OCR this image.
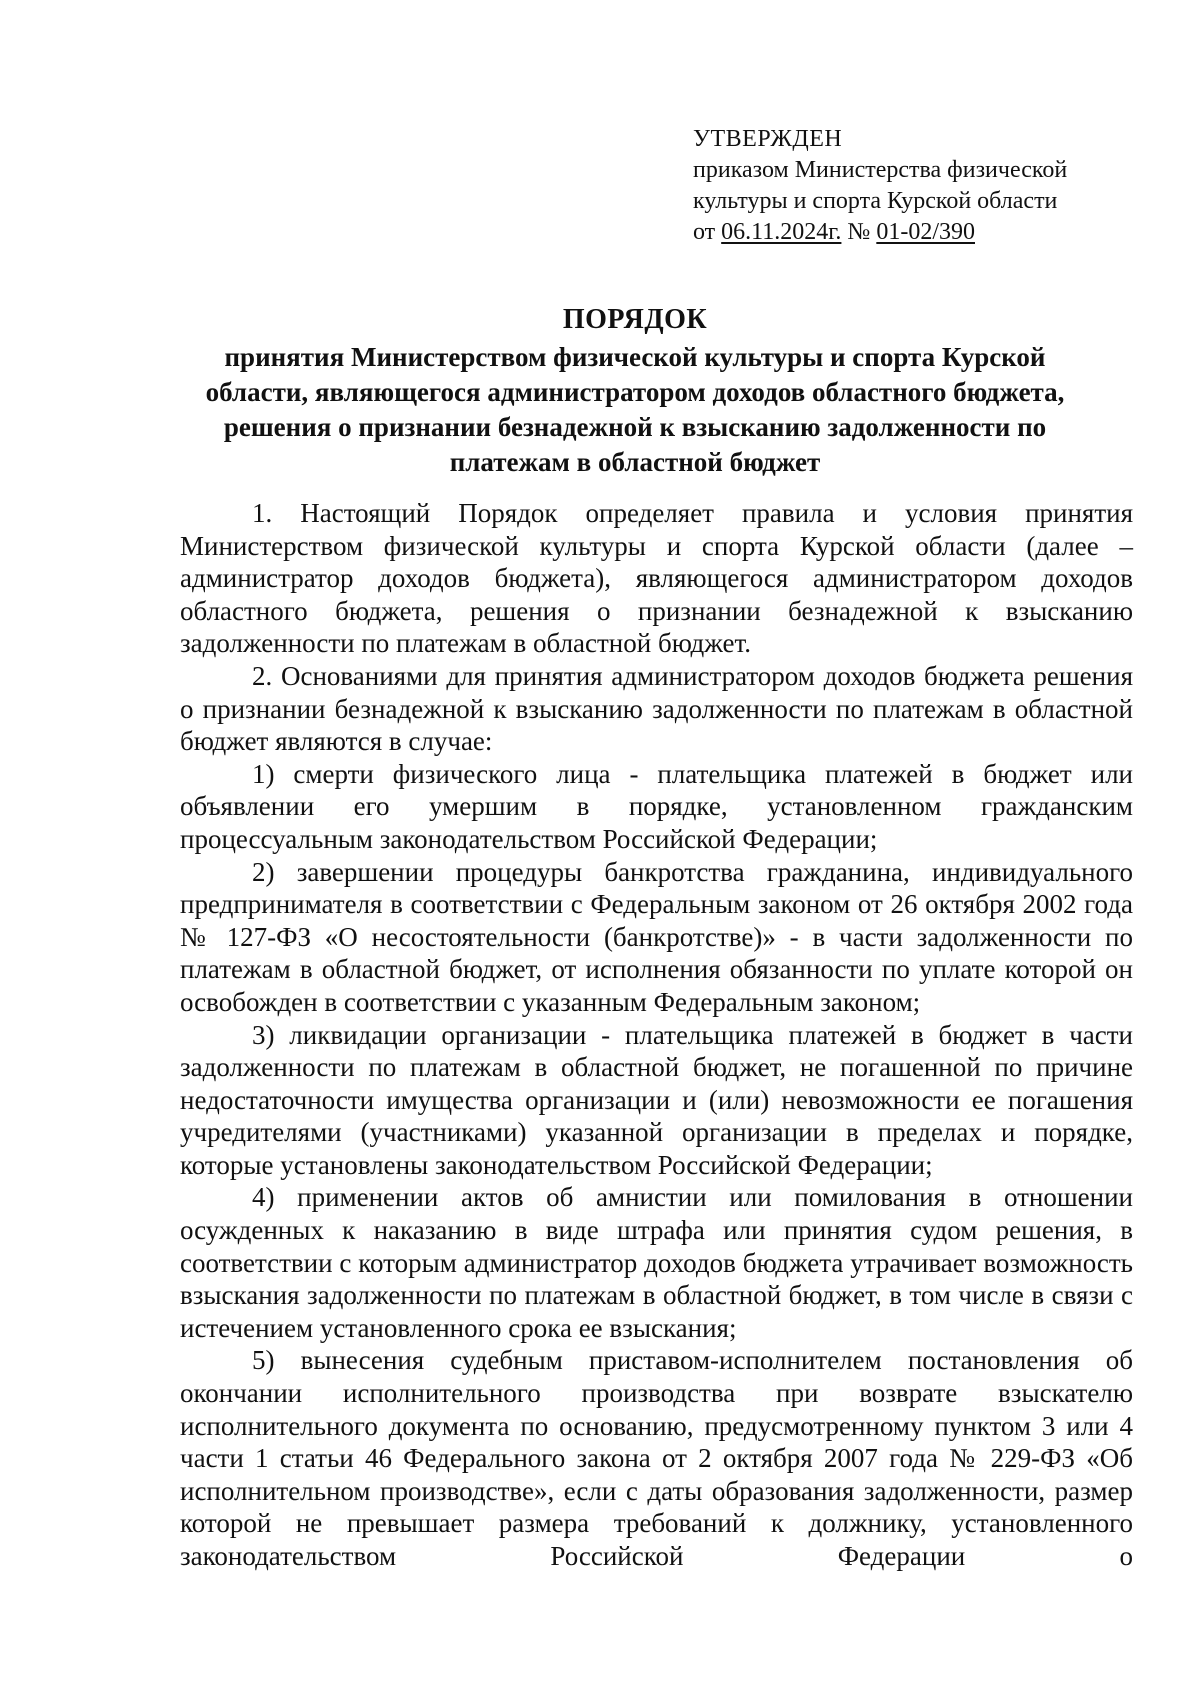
УТВЕРЖДЕН
приказом Министерства физической
культуры и спорта Курской области
от 06.11.2024г. № 01-02/390
ПОРЯДОК
принятия Министерством физической культуры и спорта Курской области, являющегося администратором доходов областного бюджета, решения о признании безнадежной к взысканию задолженности по платежам в областной бюджет

1. Настоящий Порядок определяет правила и условия принятия Министерством физической культуры и спорта Курской области (далее – администратор доходов бюджета), являющегося администратором доходов областного бюджета, решения о признании безнадежной к взысканию задолженности по платежам в областной бюджет.

2. Основаниями для принятия администратором доходов бюджета решения о признании безнадежной к взысканию задолженности по платежам в областной бюджет являются в случае:

1) смерти физического лица - плательщика платежей в бюджет или объявлении его умершим в порядке, установленном гражданским процессуальным законодательством Российской Федерации;

2) завершении процедуры банкротства гражданина, индивидуального предпринимателя в соответствии с Федеральным законом от 26 октября 2002 года № 127-ФЗ «О несостоятельности (банкротстве)» - в части задолженности по платежам в областной бюджет, от исполнения обязанности по уплате которой он освобожден в соответствии с указанным Федеральным законом;

3) ликвидации организации - плательщика платежей в бюджет в части задолженности по платежам в областной бюджет, не погашенной по причине недостаточности имущества организации и (или) невозможности ее погашения учредителями (участниками) указанной организации в пределах и порядке, которые установлены законодательством Российской Федерации;

4) применении актов об амнистии или помилования в отношении осужденных к наказанию в виде штрафа или принятия судом решения, в соответствии с которым администратор доходов бюджета утрачивает возможность взыскания задолженности по платежам в областной бюджет, в том числе в связи с истечением установленного срока ее взыскания;

5) вынесения судебным приставом-исполнителем постановления об окончании исполнительного производства при возврате взыскателю исполнительного документа по основанию, предусмотренному пунктом 3 или 4 части 1 статьи 46 Федерального закона от 2 октября 2007 года № 229-ФЗ «Об исполнительном производстве», если с даты образования задолженности, размер которой не превышает размера требований к должнику, установленного законодательством Российской Федерации о
